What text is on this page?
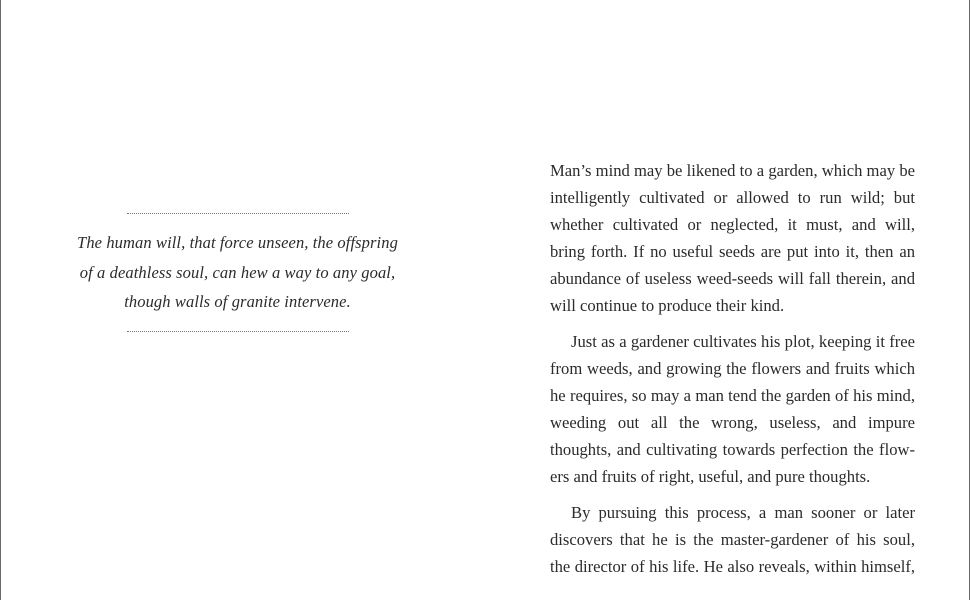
The human will, that force unseen, the offspring
of a deathless soul, can hew a way to any goal,
though walls of granite intervene.

Man’s mind may be likened to a garden, which may be
intelligently cultivated or allowed to run wild; but
whether cultivated or neglected, it must, and will,
bring forth. If no useful seeds are put into it, then an
abundance of useless weed-seeds will fall therein, and
will continue to produce their kind.

Just as a gardener cultivates his plot, keeping it free
from weeds, and growing the flowers and fruits which
he requires, so may a man tend the garden of his mind,
weeding out all the wrong, useless, and impure
thoughts, and cultivating towards perfection the flow-
ers and fruits of right, useful, and pure thoughts.

By pursuing this process, a man sooner or later
discovers that he is the master-gardener of his soul,
the director of his life. He also reveals, within himself,
